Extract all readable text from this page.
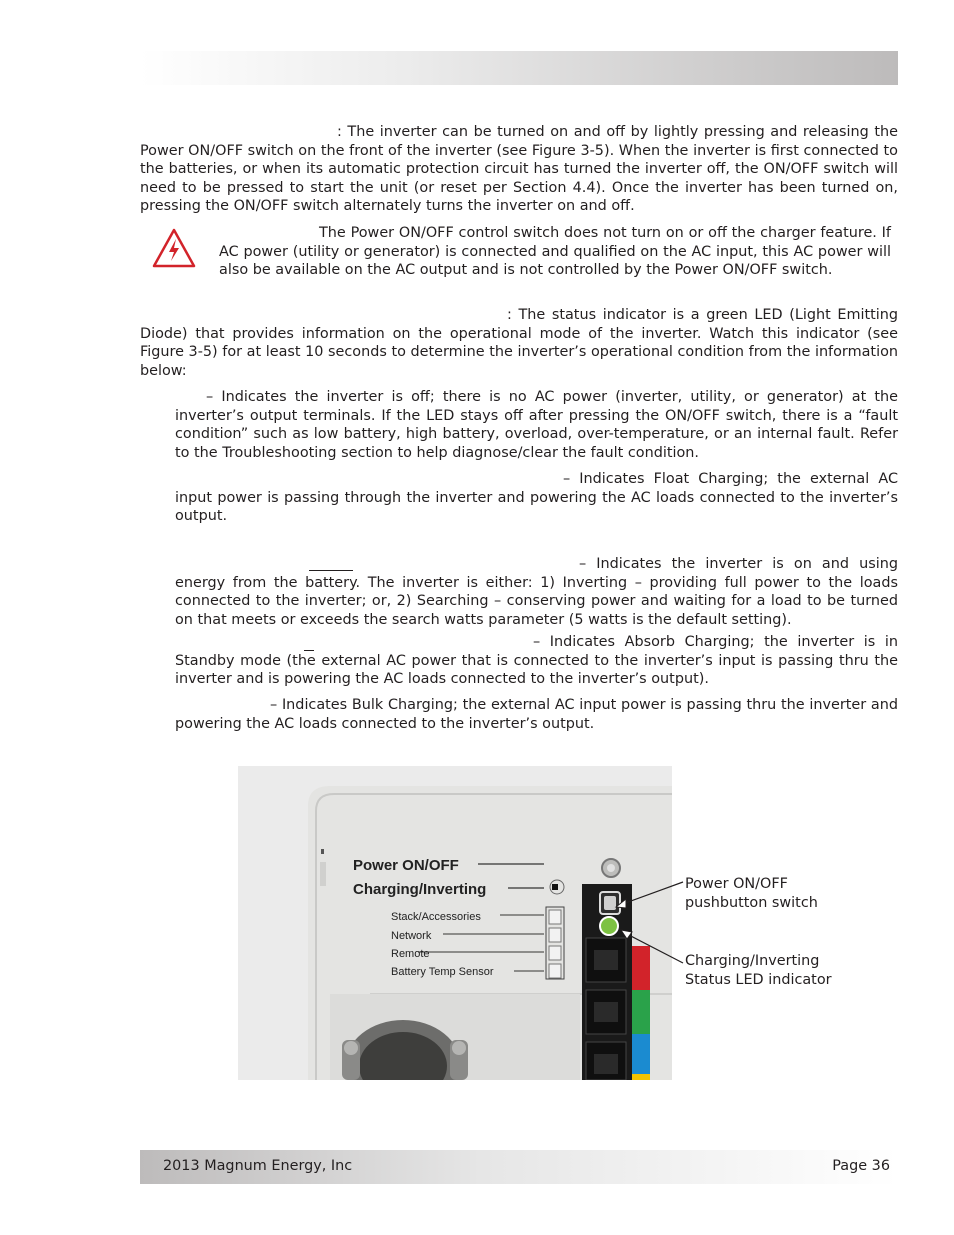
: The inverter can be turned on and off by lightly pressing and releasing the Power ON/OFF switch on the front of the inverter (see Figure 3-5). When the inverter is first connected to the batteries, or when its automatic protection circuit has turned the inverter off, the ON/OFF switch will need to be pressed to start the unit (or reset per Section 4.4). Once the inverter has been turned on, pressing the ON/OFF switch alternately turns the inverter on and off.

The Power ON/OFF control switch does not turn on or off the charger feature. If AC power (utility or generator) is connected and qualified on the AC input, this AC power will also be available on the AC output and is not controlled by the Power ON/OFF switch.

: The status indicator is a green LED (Light Emitting Diode) that provides information on the operational mode of the inverter. Watch this indicator (see Figure 3-5) for at least 10 seconds to determine the inverter’s operational condition from the information below:

– Indicates the inverter is off; there is no AC power (inverter, utility, or generator) at the inverter’s output terminals. If the LED stays off after pressing the ON/OFF switch, there is a “fault condition” such as low battery, high battery, overload, over-temperature, or an internal fault. Refer to the Troubleshooting section to help diagnose/clear the fault condition.

– Indicates Float Charging; the external AC input power is passing through the inverter and powering the AC loads connected to the inverter’s output.

– Indicates the inverter is on and using energy from the battery. The inverter is either: 1) Inverting – providing full power to the loads connected to the inverter; or, 2) Searching – conserving power and waiting for a load to be turned on that meets or exceeds the search watts parameter (5 watts is the default setting).

– Indicates Absorb Charging; the inverter is in Standby mode (the external AC power that is connected to the inverter’s input is passing thru the inverter and is powering the AC loads connected to the inverter’s output).

– Indicates Bulk Charging; the external AC input power is passing thru the inverter and powering the AC loads connected to the inverter’s output.

Power ON/OFF
Charging/Inverting
Stack/Accessories
Network
Remote
Battery Temp Sensor

Power ON/OFF
pushbutton switch

Charging/Inverting
Status LED indicator

2013 Magnum Energy, Inc	Page 36
